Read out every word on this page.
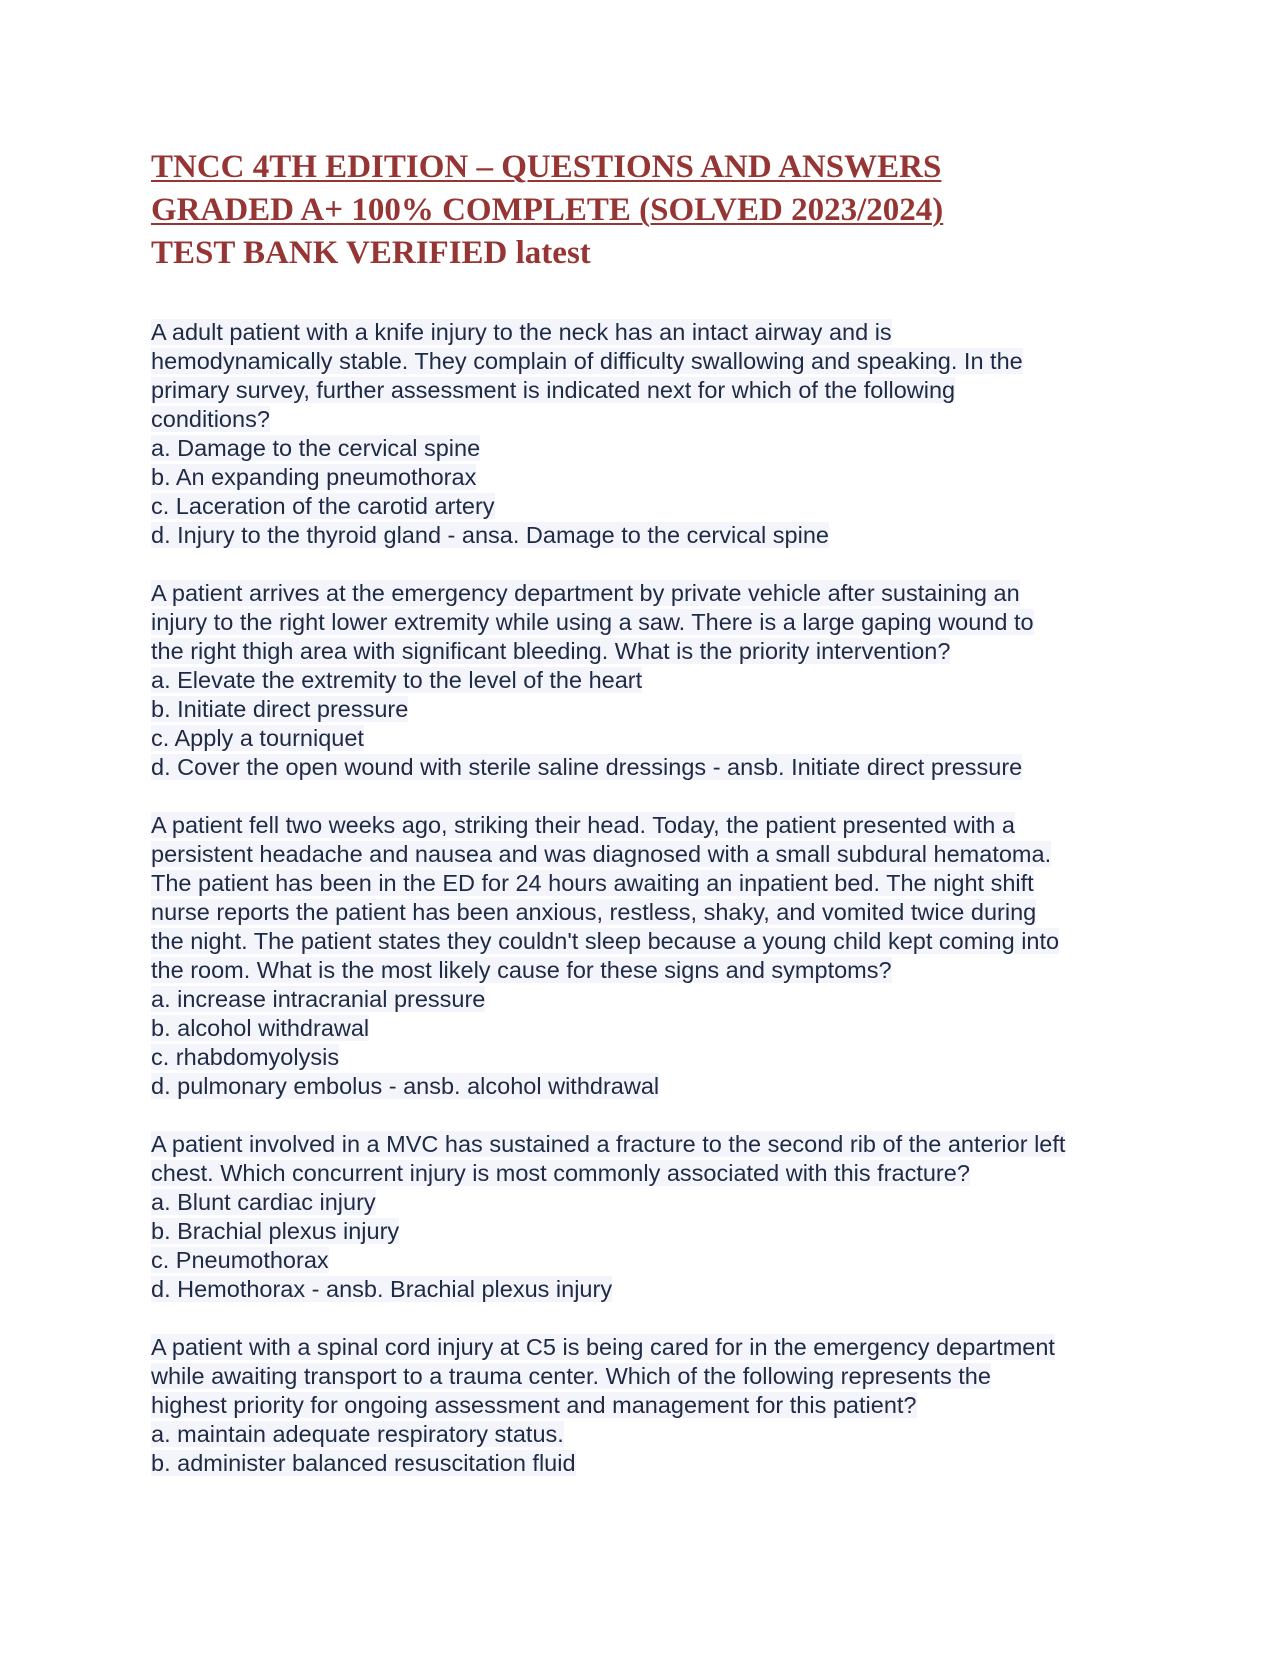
TNCC 4TH EDITION – QUESTIONS AND ANSWERS
GRADED A+ 100% COMPLETE (SOLVED 2023/2024)
TEST BANK VERIFIED latest

A adult patient with a knife injury to the neck has an intact airway and is
hemodynamically stable. They complain of difficulty swallowing and speaking. In the
primary survey, further assessment is indicated next for which of the following
conditions?
a. Damage to the cervical spine
b. An expanding pneumothorax
c. Laceration of the carotid artery
d. Injury to the thyroid gland - ansa. Damage to the cervical spine

A patient arrives at the emergency department by private vehicle after sustaining an
injury to the right lower extremity while using a saw. There is a large gaping wound to
the right thigh area with significant bleeding. What is the priority intervention?
a. Elevate the extremity to the level of the heart
b. Initiate direct pressure
c. Apply a tourniquet
d. Cover the open wound with sterile saline dressings - ansb. Initiate direct pressure

A patient fell two weeks ago, striking their head. Today, the patient presented with a
persistent headache and nausea and was diagnosed with a small subdural hematoma.
The patient has been in the ED for 24 hours awaiting an inpatient bed. The night shift
nurse reports the patient has been anxious, restless, shaky, and vomited twice during
the night. The patient states they couldn't sleep because a young child kept coming into
the room. What is the most likely cause for these signs and symptoms?
a. increase intracranial pressure
b. alcohol withdrawal
c. rhabdomyolysis
d. pulmonary embolus - ansb. alcohol withdrawal

A patient involved in a MVC has sustained a fracture to the second rib of the anterior left
chest. Which concurrent injury is most commonly associated with this fracture?
a. Blunt cardiac injury
b. Brachial plexus injury
c. Pneumothorax
d. Hemothorax - ansb. Brachial plexus injury

A patient with a spinal cord injury at C5 is being cared for in the emergency department
while awaiting transport to a trauma center. Which of the following represents the
highest priority for ongoing assessment and management for this patient?
a. maintain adequate respiratory status.
b. administer balanced resuscitation fluid
